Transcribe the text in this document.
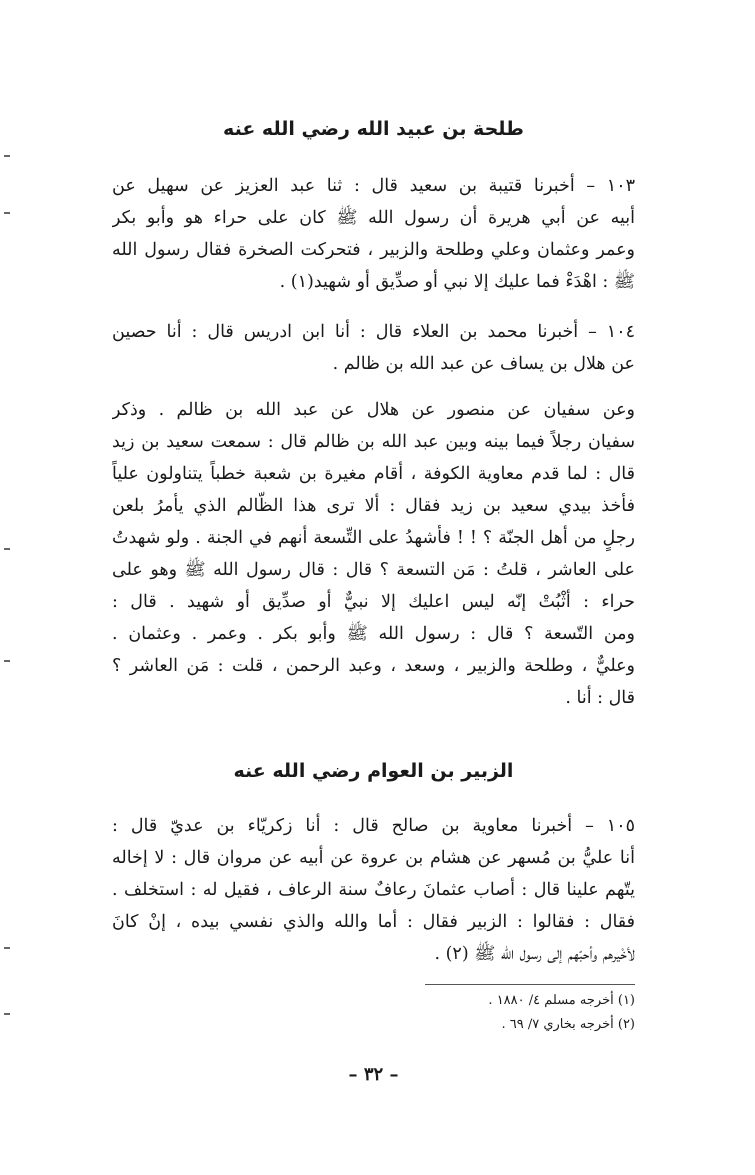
طلحة بن عبيد الله رضي الله عنه
١٠٣ – أخبرنا قتيبة بن سعيد قال : ثنا عبد العزيز عن سهيل عن
أبيه عن أبي هريرة أن رسول الله ﷺ كان على حراء هو وأبو بكر
وعمر وعثمان وعلي وطلحة والزبير ، فتحركت الصخرة فقال رسول الله
ﷺ : اهْدَءْ فما عليك إلا نبي أو صدِّيق أو شهيد(١) .
١٠٤ – أخبرنا محمد بن العلاء قال : أنا ابن ادريس قال : أنا حصين
عن هلال بن يساف عن عبد الله بن ظالم .
وعن سفيان عن منصور عن هلال عن عبد الله بن ظالم . وذكر
سفيان رجلاً فيما بينه وبين عبد الله بن ظالم قال : سمعت سعيد بن زيد
قال : لما قدم معاوية الكوفة ، أقام مغيرة بن شعبة خطباً يتناولون علياً
فأخذ بيدي سعيد بن زيد فقال : ألا ترى هذا الظّالم الذي يأمرُ بلعن
رجلٍ من أهل الجنّة ؟ ! ! فأشهدُ على التِّسعة أنهم في الجنة . ولو شهدتُ
على العاشر ، قلتُ : مَن التسعة ؟ قال : قال رسول الله ﷺ وهو على
حراء : أثْبُتْ إنّه ليس اعليك إلا نبيٌّ أو صدِّيق أو شهيد . قال :
ومن التّسعة ؟ قال : رسول الله ﷺ وأبو بكر . وعمر . وعثمان .
وعليٌّ ، وطلحة والزبير ، وسعد ، وعبد الرحمن ، قلت : مَن العاشر ؟
قال : أنا .
الزبير بن العوام رضي الله عنه
١٠٥ – أخبرنا معاوية بن صالح قال : أنا زكريّاء بن عديّ قال :
أنا عليُّ بن مُسهر عن هشام بن عروة عن أبيه عن مروان قال : لا إخاله
يتّهم علينا قال : أصاب عثمانَ رعافٌ سنة الرعاف ، فقيل له : استخلف .
فقال : فقالوا : الزبير فقال : أما والله والذي نفسي بيده ، إنْ كانَ
لأخْيرهم وأحبّهم إلى رسول الله ﷺ (٢) .
(١) أخرجه مسلم ٤/ ١٨٨٠ .
(٢) أخرجه بخاري ٧/ ٦٩ .
– ٣٢ –
